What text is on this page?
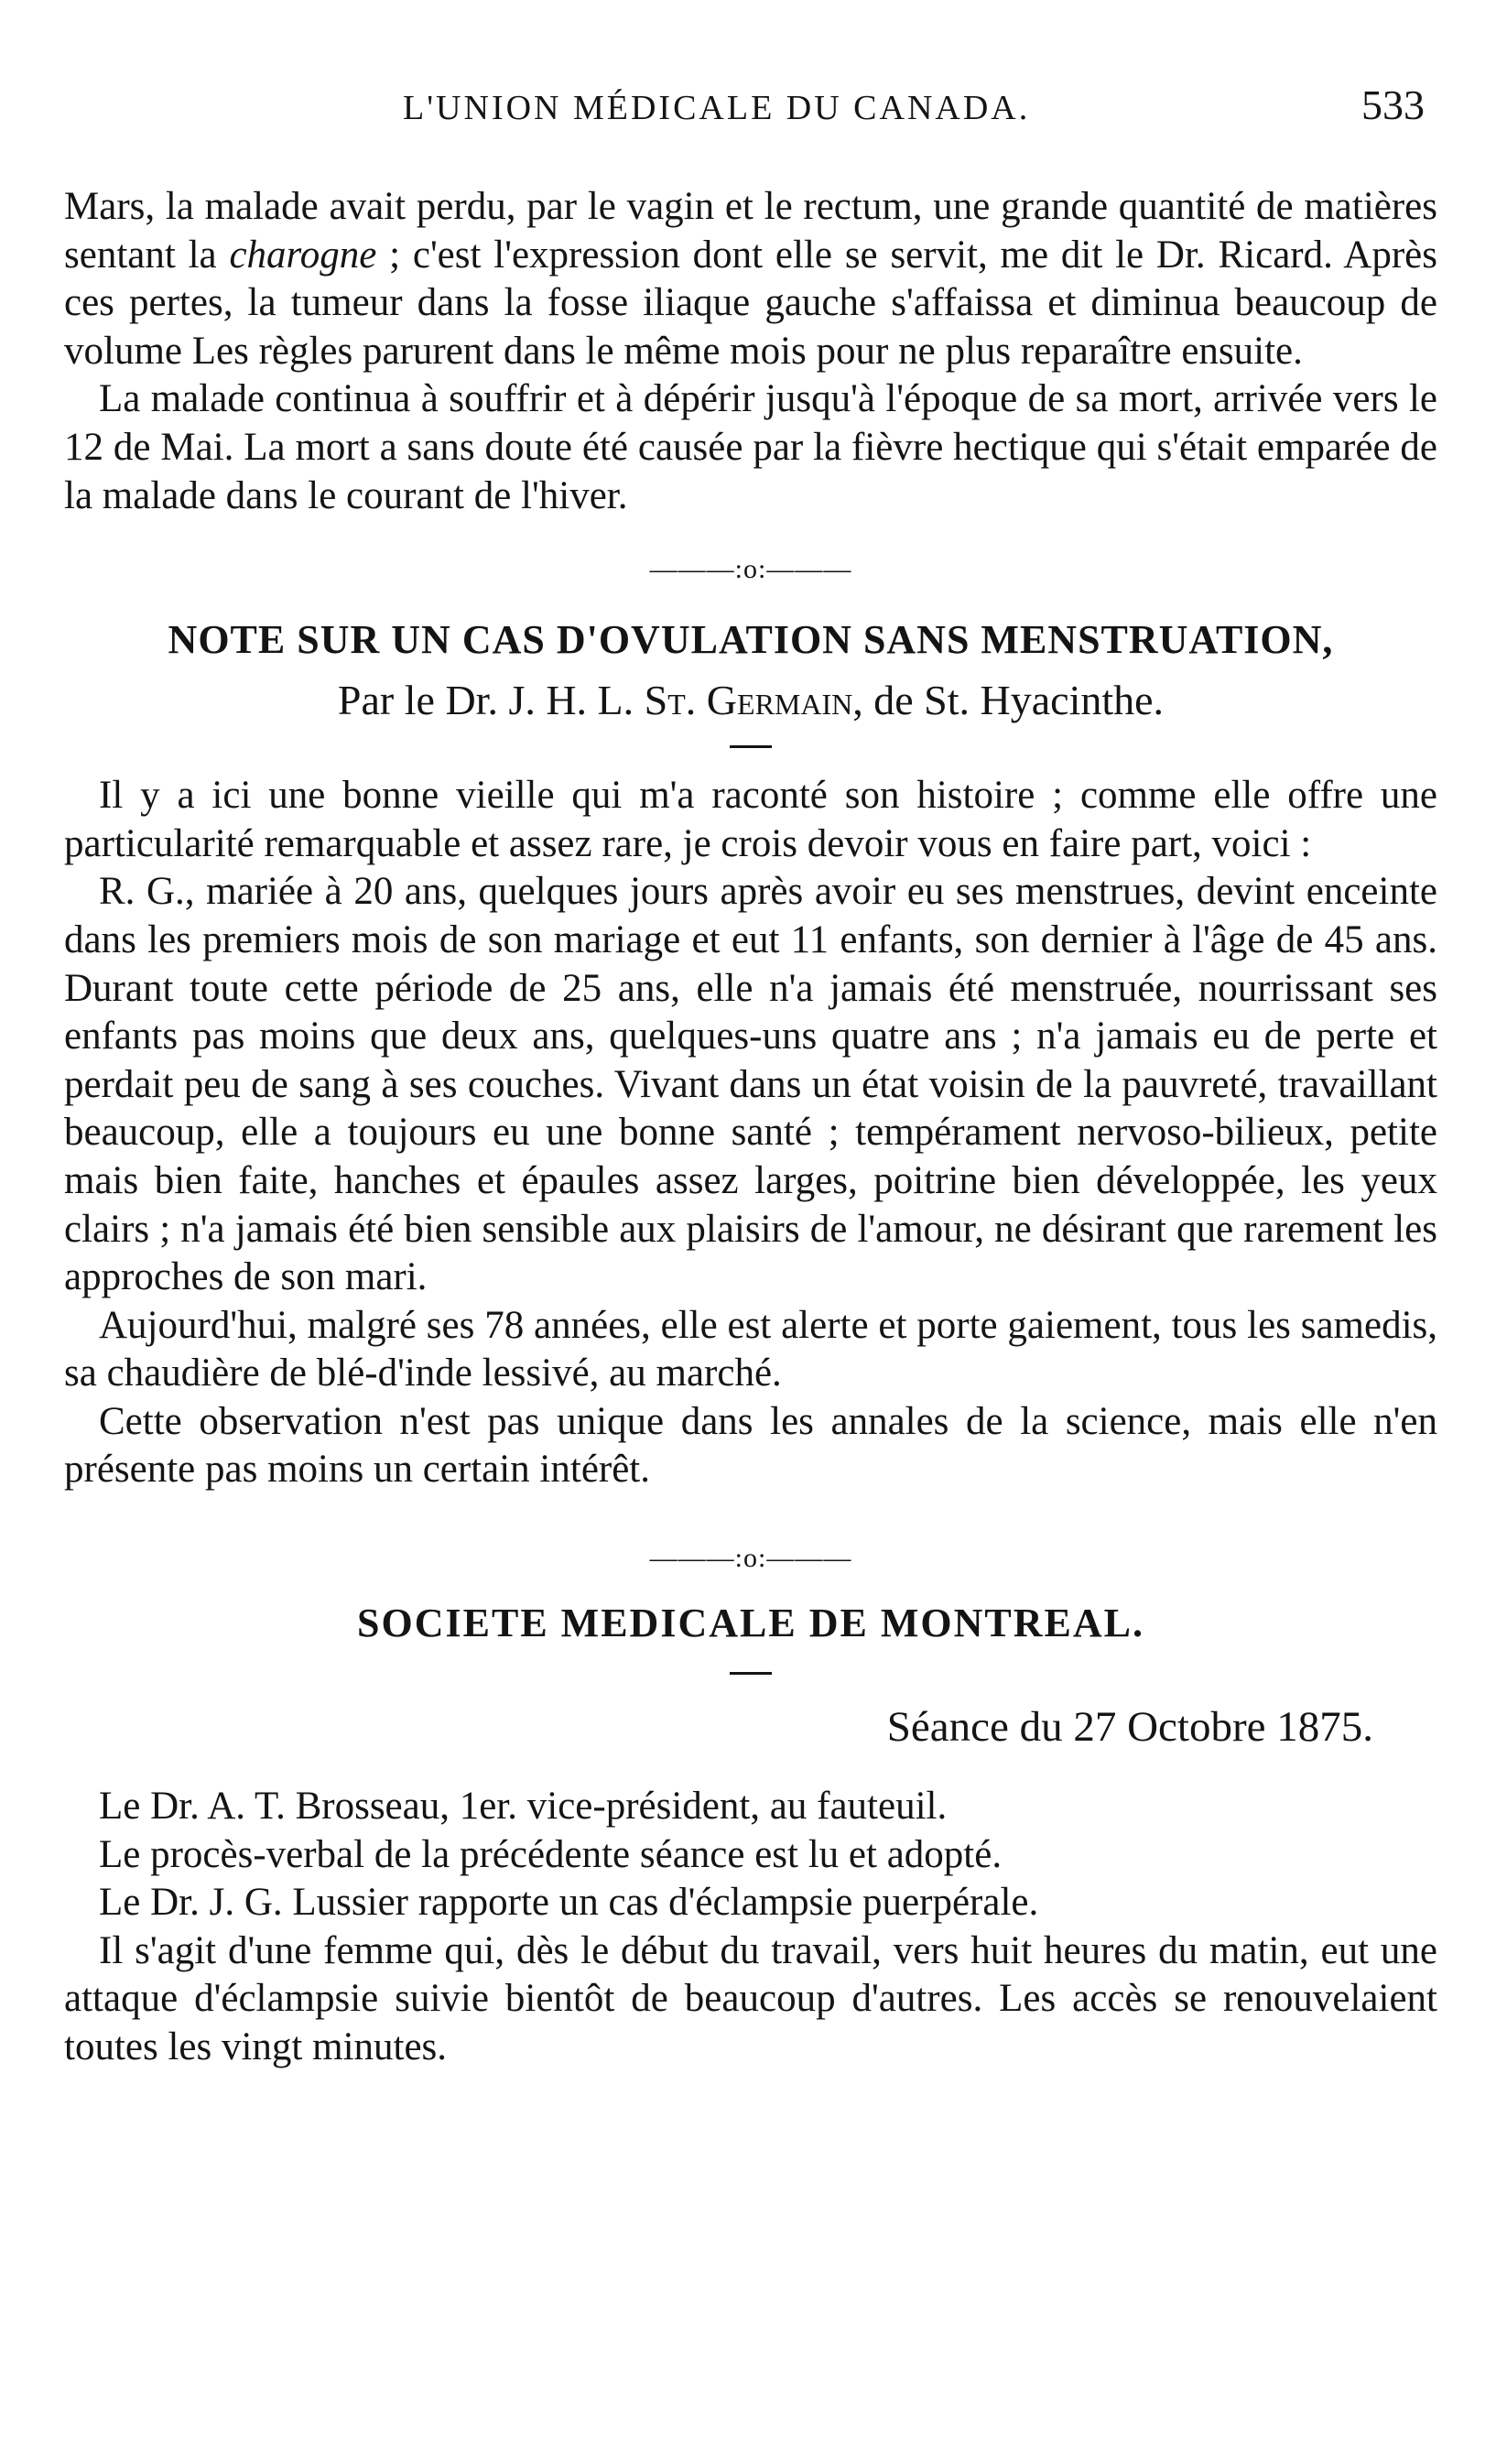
L'UNION MÉDICALE DU CANADA.	533

Mars, la malade avait perdu, par le vagin et le rectum, une grande quantité de matières sentant la charogne ; c'est l'expression dont elle se servit, me dit le Dr. Ricard. Après ces pertes, la tumeur dans la fosse iliaque gauche s'affaissa et diminua beaucoup de volume Les règles parurent dans le même mois pour ne plus reparaître ensuite.

La malade continua à souffrir et à dépérir jusqu'à l'époque de sa mort, arrivée vers le 12 de Mai. La mort a sans doute été causée par la fièvre hectique qui s'était emparée de la malade dans le courant de l'hiver.

———:o:———
NOTE SUR UN CAS D'OVULATION SANS MENSTRUATION,
Par le Dr. J. H. L. St. Germain, de St. Hyacinthe.

Il y a ici une bonne vieille qui m'a raconté son histoire ; comme elle offre une particularité remarquable et assez rare, je crois devoir vous en faire part, voici :

R. G., mariée à 20 ans, quelques jours après avoir eu ses menstrues, devint enceinte dans les premiers mois de son mariage et eut 11 enfants, son dernier à l'âge de 45 ans. Durant toute cette période de 25 ans, elle n'a jamais été menstruée, nourrissant ses enfants pas moins que deux ans, quelques-uns quatre ans ; n'a jamais eu de perte et perdait peu de sang à ses couches. Vivant dans un état voisin de la pauvreté, travaillant beaucoup, elle a toujours eu une bonne santé ; tempérament nervoso-bilieux, petite mais bien faite, hanches et épaules assez larges, poitrine bien développée, les yeux clairs ; n'a jamais été bien sensible aux plaisirs de l'amour, ne désirant que rarement les approches de son mari.

Aujourd'hui, malgré ses 78 années, elle est alerte et porte gaiement, tous les samedis, sa chaudière de blé-d'inde lessivé, au marché.

Cette observation n'est pas unique dans les annales de la science, mais elle n'en présente pas moins un certain intérêt.

———:o:———
SOCIETE MEDICALE DE MONTREAL.
Séance du 27 Octobre 1875.

Le Dr. A. T. Brosseau, 1er. vice-président, au fauteuil.

Le procès-verbal de la précédente séance est lu et adopté.

Le Dr. J. G. Lussier rapporte un cas d'éclampsie puerpérale.

Il s'agit d'une femme qui, dès le début du travail, vers huit heures du matin, eut une attaque d'éclampsie suivie bientôt de beaucoup d'autres. Les accès se renouvelaient toutes les vingt minutes.
